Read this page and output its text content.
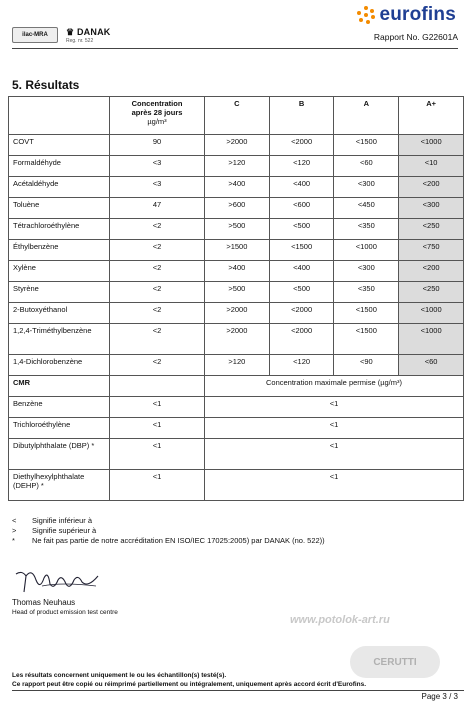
ilac-MRA	♛ DANAK
Reg. nr. 522
eurofins
Rapport No. G22601A
5. Résultats
	Concentration
après 28 jours
µg/m³	C	B	A	A+
COVT	90	>2000	<2000	<1500	<1000
Formaldéhyde	<3	>120	<120	<60	<10
Acétaldéhyde	<3	>400	<400	<300	<200
Toluène	47	>600	<600	<450	<300
Tétrachloroéthylène	<2	>500	<500	<350	<250
Éthylbenzène	<2	>1500	<1500	<1000	<750
Xylène	<2	>400	<400	<300	<200
Styrène	<2	>500	<500	<350	<250
2-Butoxyéthanol	<2	>2000	<2000	<1500	<1000
1,2,4-Triméthylbenzène	<2	>2000	<2000	<1500	<1000
1,4-Dichlorobenzène	<2	>120	<120	<90	<60
CMR		Concentration maximale permise (µg/m³)			
Benzène	<1	<1			
Trichloroéthylène	<1	<1			
Dibutylphthalate (DBP) *	<1	<1			
Diethylhexylphthalate (DEHP) *	<1	<1			
<	Signifie inférieur à
>	Signifie supérieur à
*	Ne fait pas partie de notre accréditation EN ISO/IEC 17025:2005) par DANAK (no. 522))
Thomas Neuhaus
Head of product emission test centre
www.potolok-art.ru
CERUTTI
Les résultats concernent uniquement le ou les échantillon(s) testé(s).
Ce rapport peut être copié ou réimprimé partiellement ou intégralement, uniquement après accord écrit d'Eurofins.
Page 3 / 3
